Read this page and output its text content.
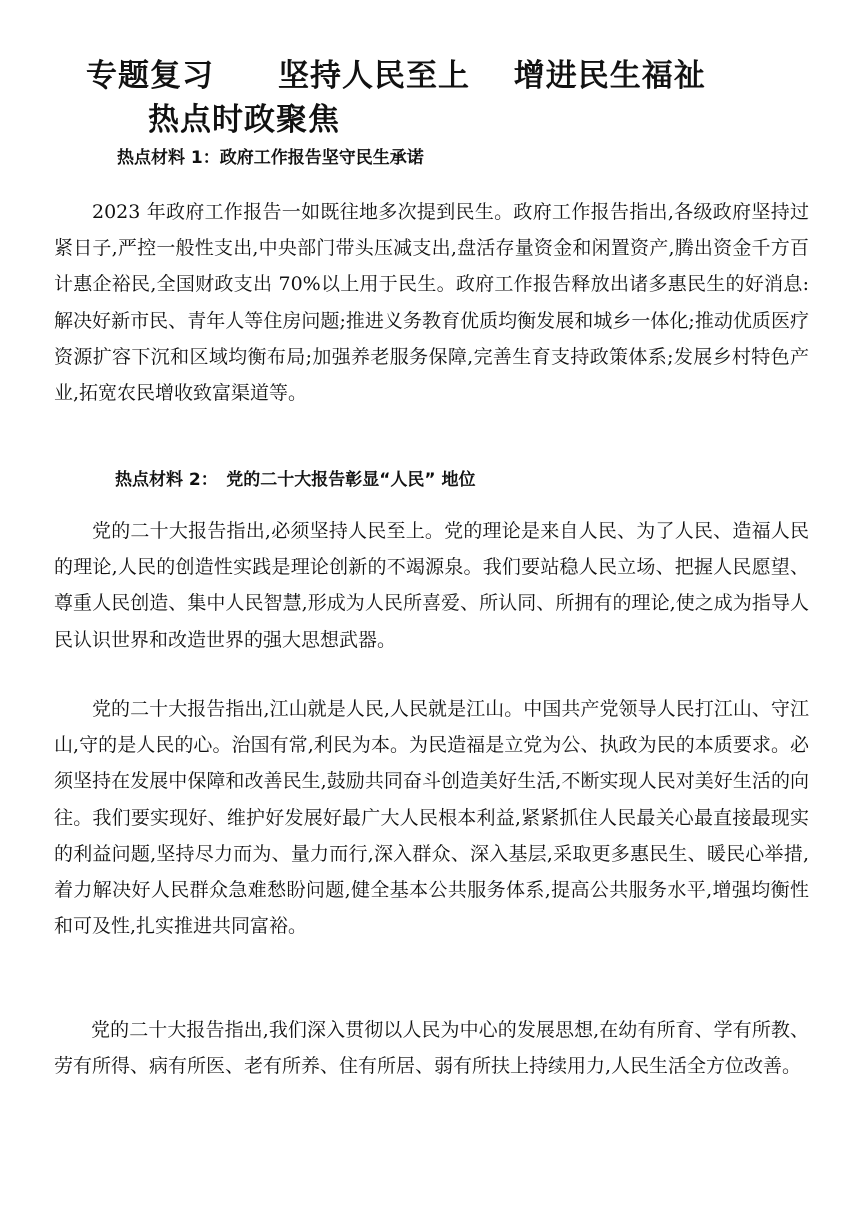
专题复习　　坚持人民至上　 增进民生福祉
热点时政聚焦
热点材料 1：政府工作报告坚守民生承诺

2023 年政府工作报告一如既往地多次提到民生。政府工作报告指出,各级政府坚持过紧日子,严控一般性支出,中央部门带头压减支出,盘活存量资金和闲置资产,腾出资金千方百计惠企裕民,全国财政支出 70%以上用于民生。政府工作报告释放出诸多惠民生的好消息:解决好新市民、青年人等住房问题;推进义务教育优质均衡发展和城乡一体化;推动优质医疗资源扩容下沉和区域均衡布局;加强养老服务保障,完善生育支持政策体系;发展乡村特色产业,拓宽农民增收致富渠道等。

热点材料 2：　党的二十大报告彰显“人民” 地位

党的二十大报告指出,必须坚持人民至上。党的理论是来自人民、为了人民、造福人民的理论,人民的创造性实践是理论创新的不竭源泉。我们要站稳人民立场、把握人民愿望、尊重人民创造、集中人民智慧,形成为人民所喜爱、所认同、所拥有的理论,使之成为指导人民认识世界和改造世界的强大思想武器。

党的二十大报告指出,江山就是人民,人民就是江山。中国共产党领导人民打江山、守江山,守的是人民的心。治国有常,利民为本。为民造福是立党为公、执政为民的本质要求。必须坚持在发展中保障和改善民生,鼓励共同奋斗创造美好生活,不断实现人民对美好生活的向往。我们要实现好、维护好发展好最广大人民根本利益,紧紧抓住人民最关心最直接最现实的利益问题,坚持尽力而为、量力而行,深入群众、深入基层,采取更多惠民生、暖民心举措,着力解决好人民群众急难愁盼问题,健全基本公共服务体系,提高公共服务水平,增强均衡性和可及性,扎实推进共同富裕。

党的二十大报告指出,我们深入贯彻以人民为中心的发展思想,在幼有所育、学有所教、劳有所得、病有所医、老有所养、住有所居、弱有所扶上持续用力,人民生活全方位改善。
